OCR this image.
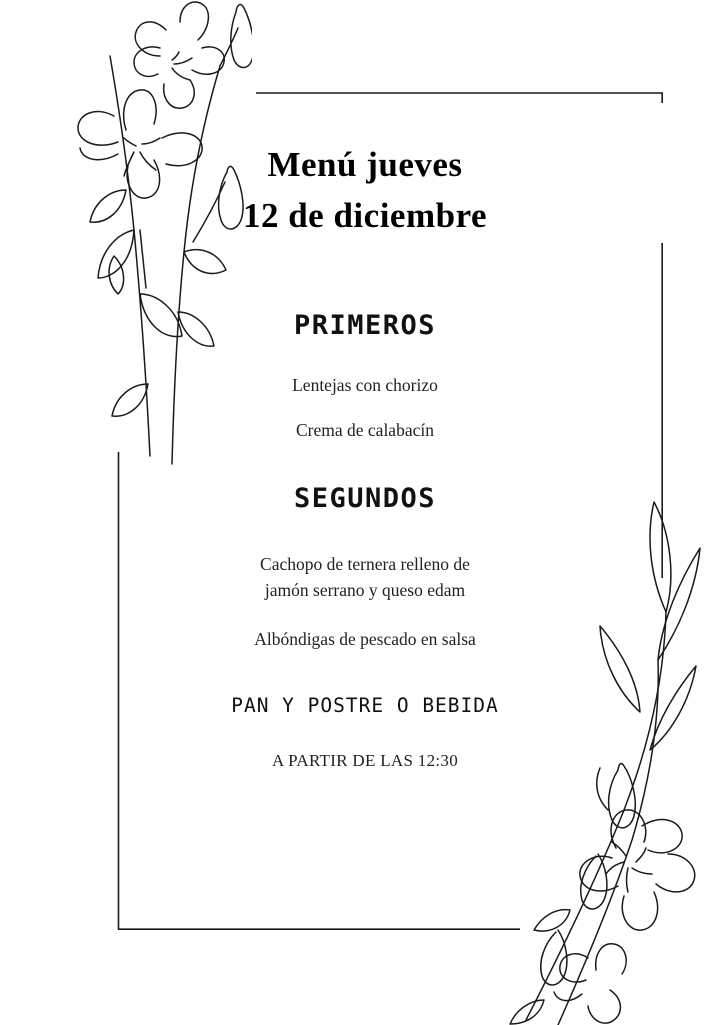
Menú jueves
12 de diciembre
PRIMEROS

Lentejas con chorizo

Crema de calabacín

SEGUNDOS

Cachopo de ternera relleno de

jamón serrano y queso edam

Albóndigas de pescado en salsa

PAN Y POSTRE O BEBIDA

A PARTIR DE LAS 12:30
